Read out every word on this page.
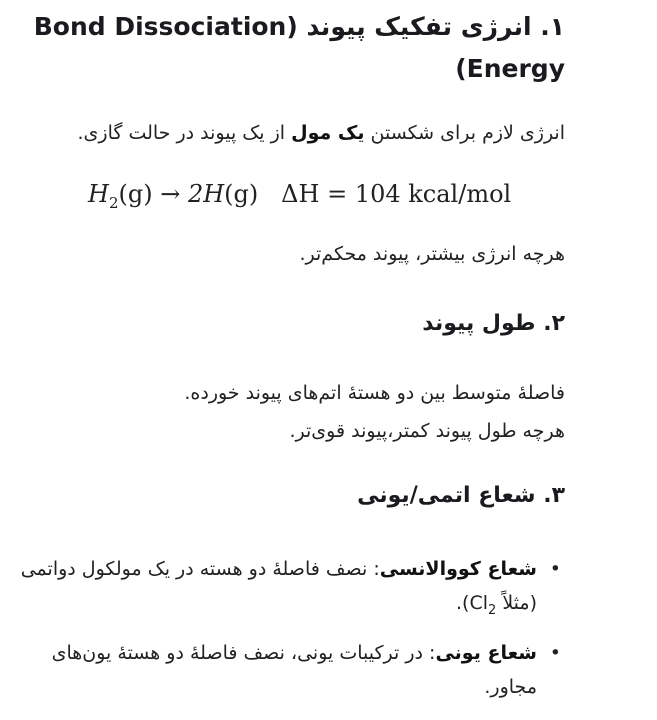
۱. انرژی تفکیک پیوند (Bond Dissociation Energy)
انرژی لازم برای شکستن یک مول از یک پیوند در حالت گازی.
$H_2(g) \to 2H(g) \Delta H = 104$ kcal/mol
هرچه انرژی بیشتر، پیوند محکم‌تر.
۲. طول پیوند
فاصلهٔ متوسط بین دو هستهٔ اتم‌های پیوند خورده.
هرچه طول پیوند کمتر،پیوند قوی‌تر.
۳. شعاع اتمی/یونی
•
شعاع کووالانسی: نصف فاصلهٔ دو هسته در یک مولکول دواتمی (مثلاً $Cl_2$).
•
شعاع یونی: در ترکیبات یونی، نصف فاصلهٔ دو هستهٔ یون‌های مجاور.
